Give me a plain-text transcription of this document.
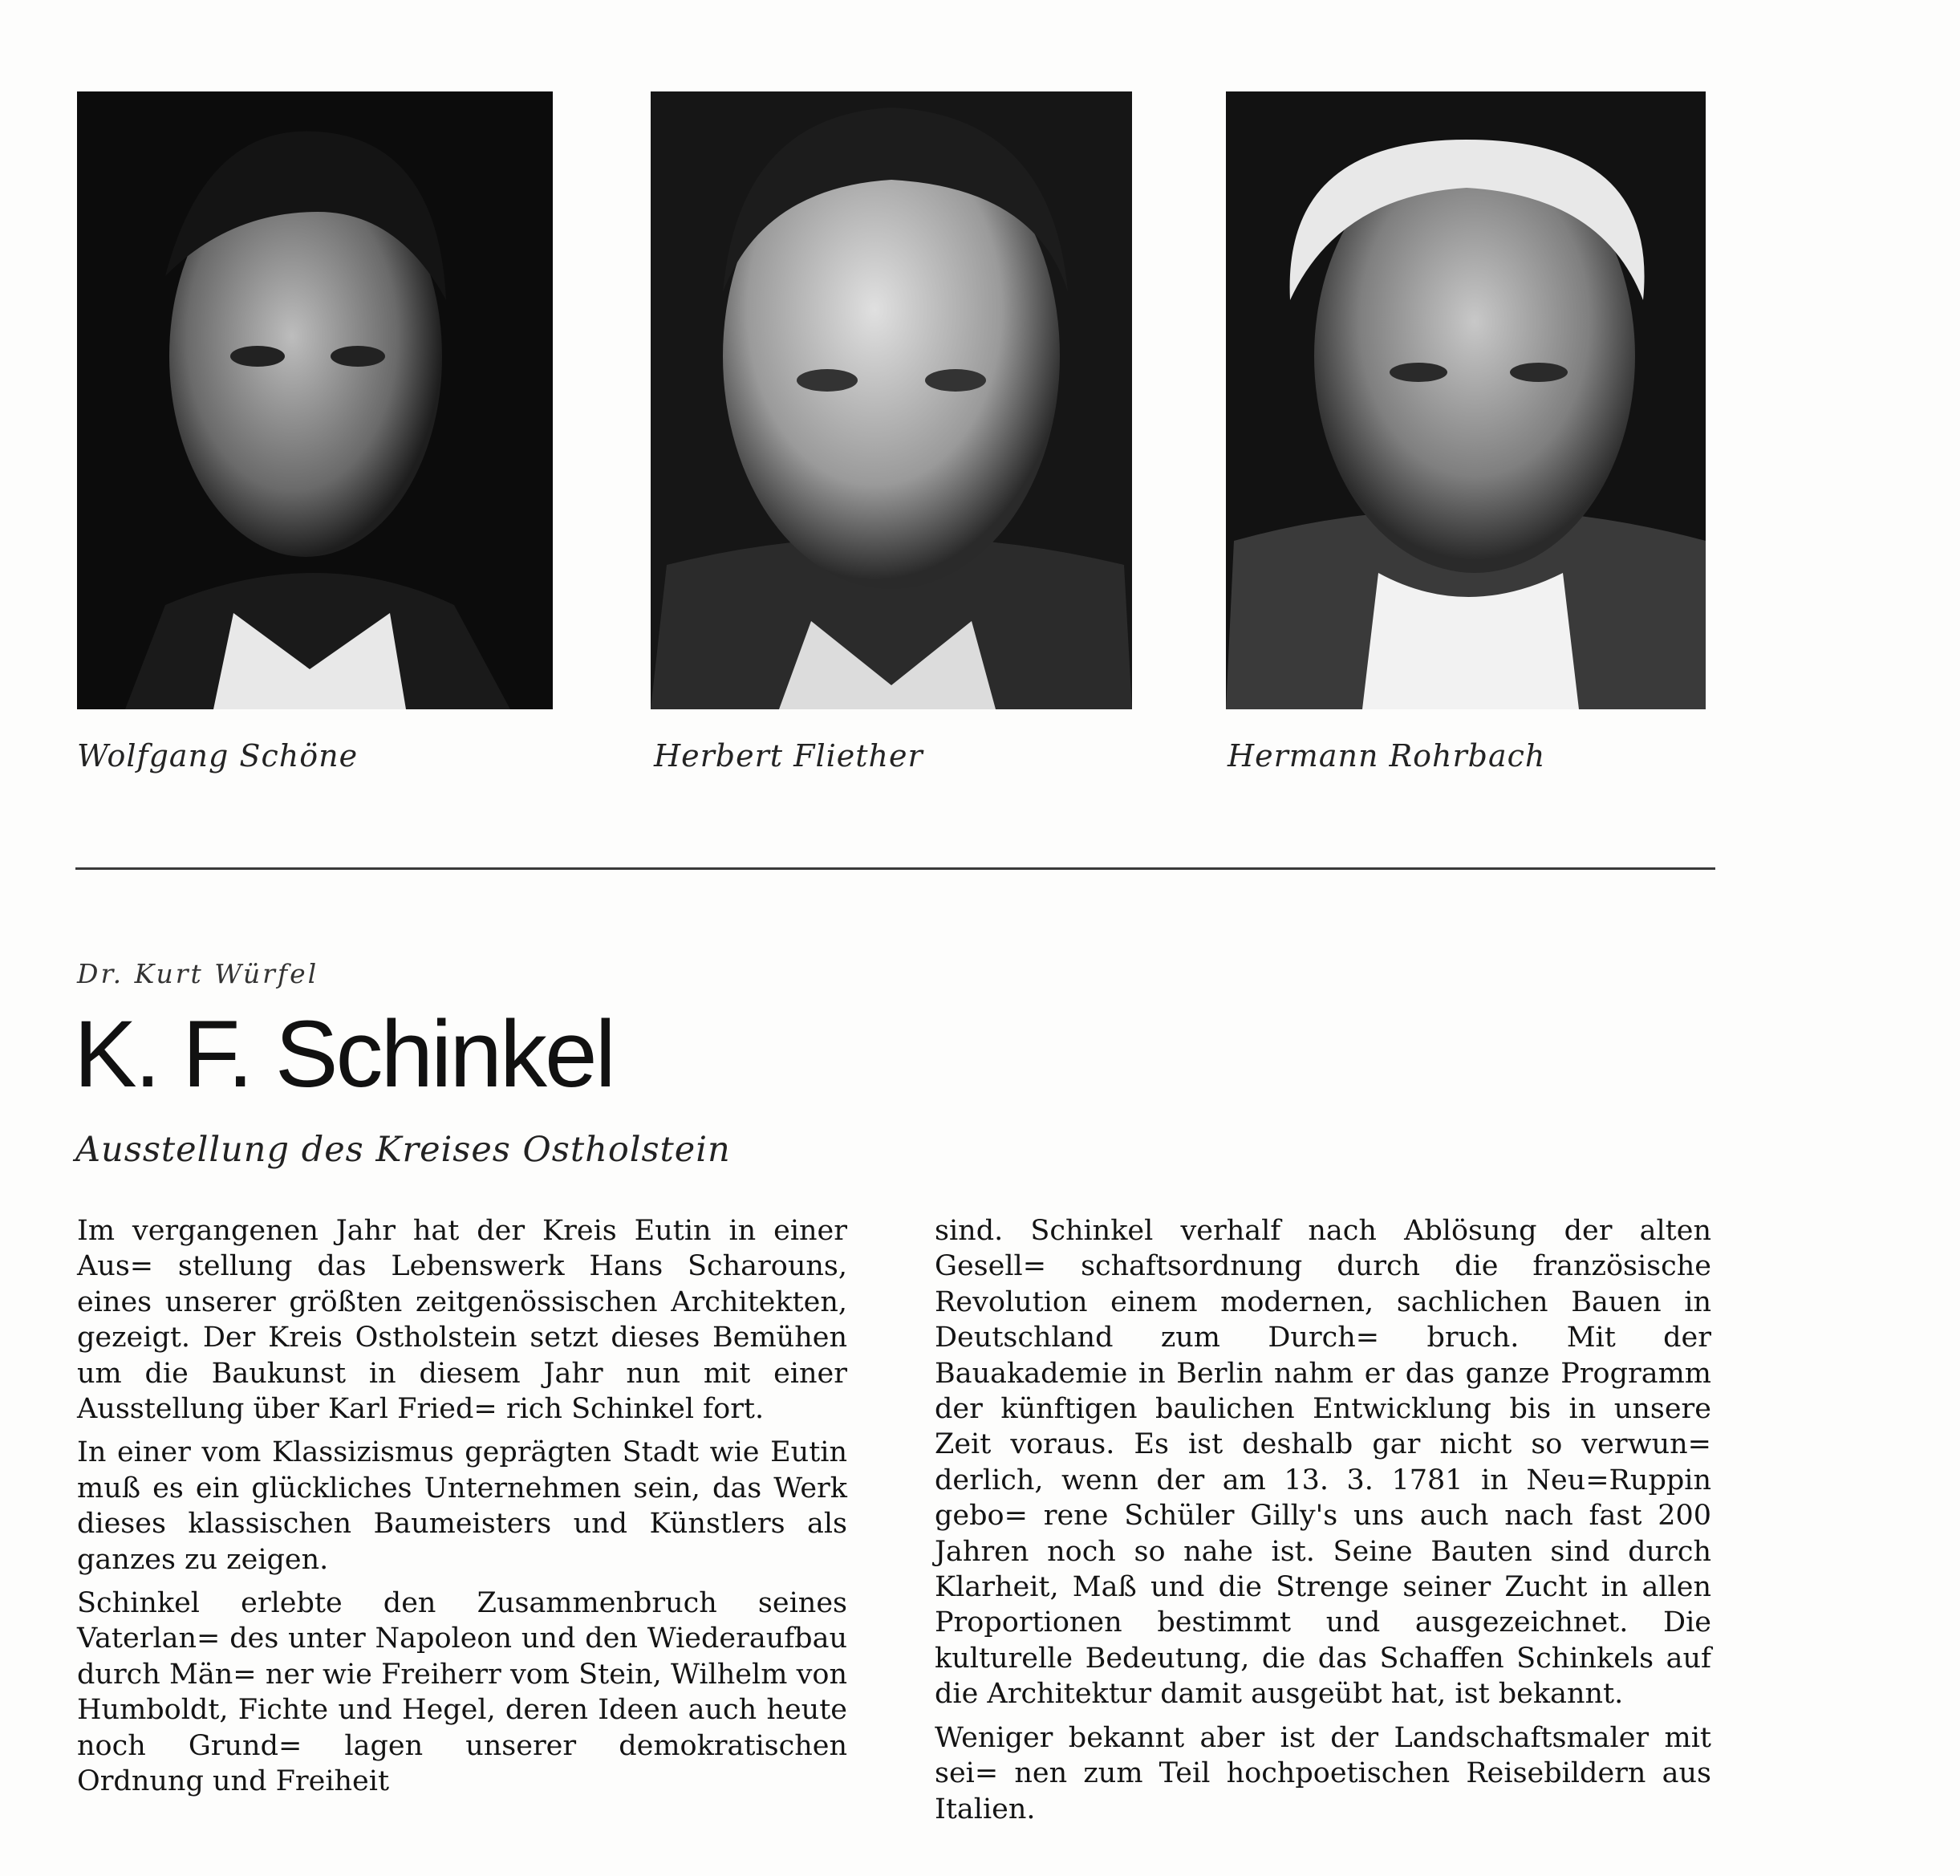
Wolfgang Schöne	Herbert Fliether	Hermann Rohrbach
Dr. Kurt Würfel
K. F. Schinkel
Ausstellung des Kreises Ostholstein

Im vergangenen Jahr hat der Kreis Eutin in einer Aus= stellung das Lebenswerk Hans Scharouns, eines unserer größten zeitgenössischen Architekten, gezeigt. Der Kreis Ostholstein setzt dieses Bemühen um die Baukunst in diesem Jahr nun mit einer Ausstellung über Karl Fried= rich Schinkel fort.

In einer vom Klassizismus geprägten Stadt wie Eutin muß es ein glückliches Unternehmen sein, das Werk dieses klassischen Baumeisters und Künstlers als ganzes zu zeigen.

Schinkel erlebte den Zusammenbruch seines Vaterlan= des unter Napoleon und den Wiederaufbau durch Män= ner wie Freiherr vom Stein, Wilhelm von Humboldt, Fichte und Hegel, deren Ideen auch heute noch Grund= lagen unserer demokratischen Ordnung und Freiheit

sind. Schinkel verhalf nach Ablösung der alten Gesell= schaftsordnung durch die französische Revolution einem modernen, sachlichen Bauen in Deutschland zum Durch= bruch. Mit der Bauakademie in Berlin nahm er das ganze Programm der künftigen baulichen Entwicklung bis in unsere Zeit voraus. Es ist deshalb gar nicht so verwun= derlich, wenn der am 13. 3. 1781 in Neu=Ruppin gebo= rene Schüler Gilly's uns auch nach fast 200 Jahren noch so nahe ist. Seine Bauten sind durch Klarheit, Maß und die Strenge seiner Zucht in allen Proportionen bestimmt und ausgezeichnet. Die kulturelle Bedeutung, die das Schaffen Schinkels auf die Architektur damit ausgeübt hat, ist bekannt.

Weniger bekannt aber ist der Landschaftsmaler mit sei= nen zum Teil hochpoetischen Reisebildern aus Italien.
